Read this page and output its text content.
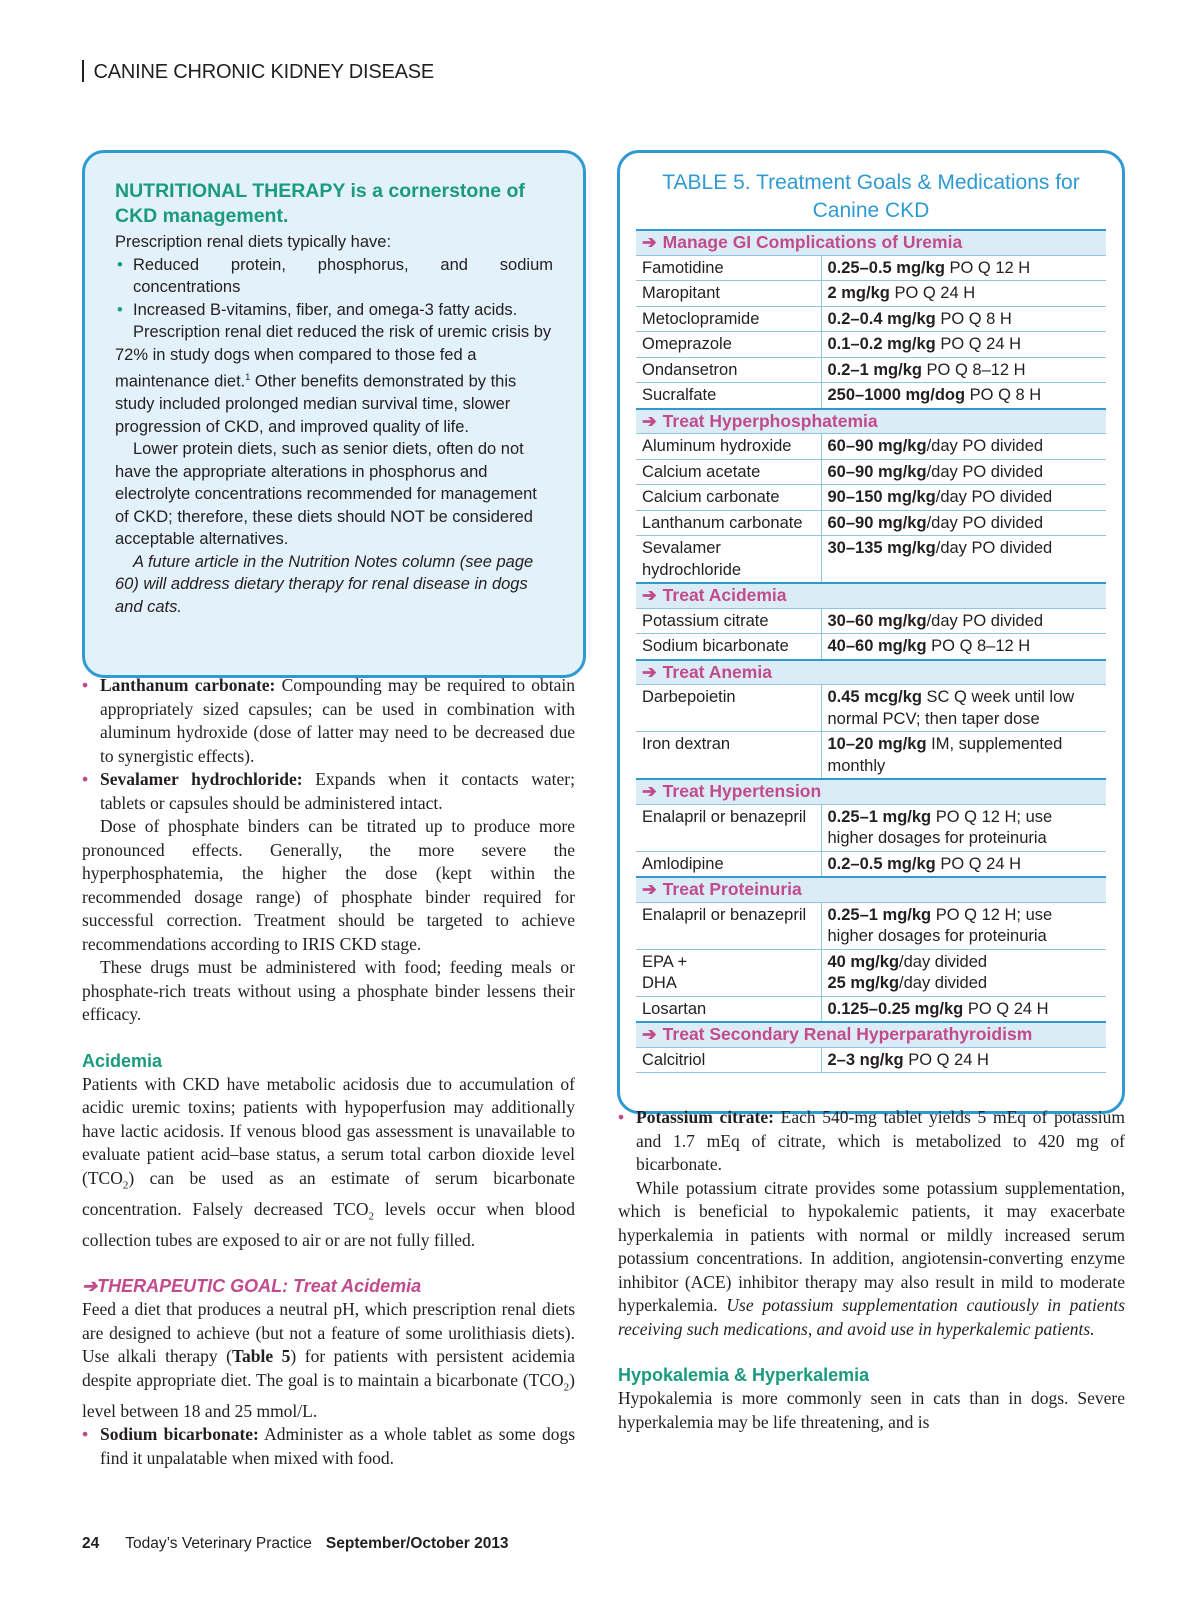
CANINE CHRONIC KIDNEY DISEASE
NUTRITIONAL THERAPY is a cornerstone of CKD management.

Prescription renal diets typically have:

• Reduced protein, phosphorus, and sodium concentrations
• Increased B-vitamins, fiber, and omega-3 fatty acids.

Prescription renal diet reduced the risk of uremic crisis by 72% in study dogs when compared to those fed a maintenance diet.$^1$ Other benefits demonstrated by this study included prolonged median survival time, slower progression of CKD, and improved quality of life.

Lower protein diets, such as senior diets, often do not have the appropriate alterations in phosphorus and electrolyte concentrations recommended for management of CKD; therefore, these diets should NOT be considered acceptable alternatives.

A future article in the Nutrition Notes column (see page 60) will address dietary therapy for renal disease in dogs and cats.

• Lanthanum carbonate: Compounding may be required to obtain appropriately sized capsules; can be used in combination with aluminum hydroxide (dose of latter may need to be decreased due to synergistic effects).
• Sevalamer hydrochloride: Expands when it contacts water; tablets or capsules should be administered intact.

Dose of phosphate binders can be titrated up to produce more pronounced effects. Generally, the more severe the hyperphosphatemia, the higher the dose (kept within the recommended dosage range) of phosphate binder required for successful correction. Treatment should be targeted to achieve recommendations according to IRIS CKD stage.

These drugs must be administered with food; feeding meals or phosphate-rich treats without using a phosphate binder lessens their efficacy.

Acidemia

Patients with CKD have metabolic acidosis due to accumulation of acidic uremic toxins; patients with hypoperfusion may additionally have lactic acidosis. If venous blood gas assessment is unavailable to evaluate patient acid–base status, a serum total carbon dioxide level $(TCO_2)$ can be used as an estimate of serum bicarbonate concentration. Falsely decreased $TCO_2$ levels occur when blood collection tubes are exposed to air or are not fully filled.

➔THERAPEUTIC GOAL: Treat Acidemia

Feed a diet that produces a neutral pH, which prescription renal diets are designed to achieve (but not a feature of some urolithiasis diets). Use alkali therapy (Table 5) for patients with persistent acidemia despite appropriate diet. The goal is to maintain a bicarbonate $(TCO_2)$ level between 18 and 25 mmol/L.

• Sodium bicarbonate: Administer as a whole tablet as some dogs find it unpalatable when mixed with food.
TABLE 5. Treatment Goals & Medications for Canine CKD
➔ Manage GI Complications of Uremia	
Famotidine	0.25–0.5 mg/kg PO Q 12 H
Maropitant	2 mg/kg PO Q 24 H
Metoclopramide	0.2–0.4 mg/kg PO Q 8 H
Omeprazole	0.1–0.2 mg/kg PO Q 24 H
Ondansetron	0.2–1 mg/kg PO Q 8–12 H
Sucralfate	250–1000 mg/dog PO Q 8 H
➔ Treat Hyperphosphatemia	
Aluminum hydroxide	60–90 mg/kg/day PO divided
Calcium acetate	60–90 mg/kg/day PO divided
Calcium carbonate	90–150 mg/kg/day PO divided
Lanthanum carbonate	60–90 mg/kg/day PO divided
Sevalamer hydrochloride	30–135 mg/kg/day PO divided
➔ Treat Acidemia	
Potassium citrate	30–60 mg/kg/day PO divided
Sodium bicarbonate	40–60 mg/kg PO Q 8–12 H
➔ Treat Anemia	
Darbepoietin	0.45 mcg/kg SC Q week until low normal PCV; then taper dose
Iron dextran	10–20 mg/kg IM, supplemented monthly
➔ Treat Hypertension	
Enalapril or benazepril	0.25–1 mg/kg PO Q 12 H; use higher dosages for proteinuria
Amlodipine	0.2–0.5 mg/kg PO Q 24 H
➔ Treat Proteinuria	
Enalapril or benazepril	0.25–1 mg/kg PO Q 12 H; use higher dosages for proteinuria
EPA +
DHA	40 mg/kg/day divided
25 mg/kg/day divided
Losartan	0.125–0.25 mg/kg PO Q 24 H
➔ Treat Secondary Renal Hyperparathyroidism	
Calcitriol	2–3 ng/kg PO Q 24 H
• Potassium citrate: Each 540-mg tablet yields 5 mEq of potassium and 1.7 mEq of citrate, which is metabolized to 420 mg of bicarbonate.

While potassium citrate provides some potassium supplementation, which is beneficial to hypokalemic patients, it may exacerbate hyperkalemia in patients with normal or mildly increased serum potassium concentrations. In addition, angiotensin-converting enzyme inhibitor (ACE) inhibitor therapy may also result in mild to moderate hyperkalemia. Use potassium supplementation cautiously in patients receiving such medications, and avoid use in hyperkalemic patients.

Hypokalemia & Hyperkalemia

Hypokalemia is more commonly seen in cats than in dogs. Severe hyperkalemia may be life threatening, and is

24 Today’s Veterinary Practice September/October 2013
